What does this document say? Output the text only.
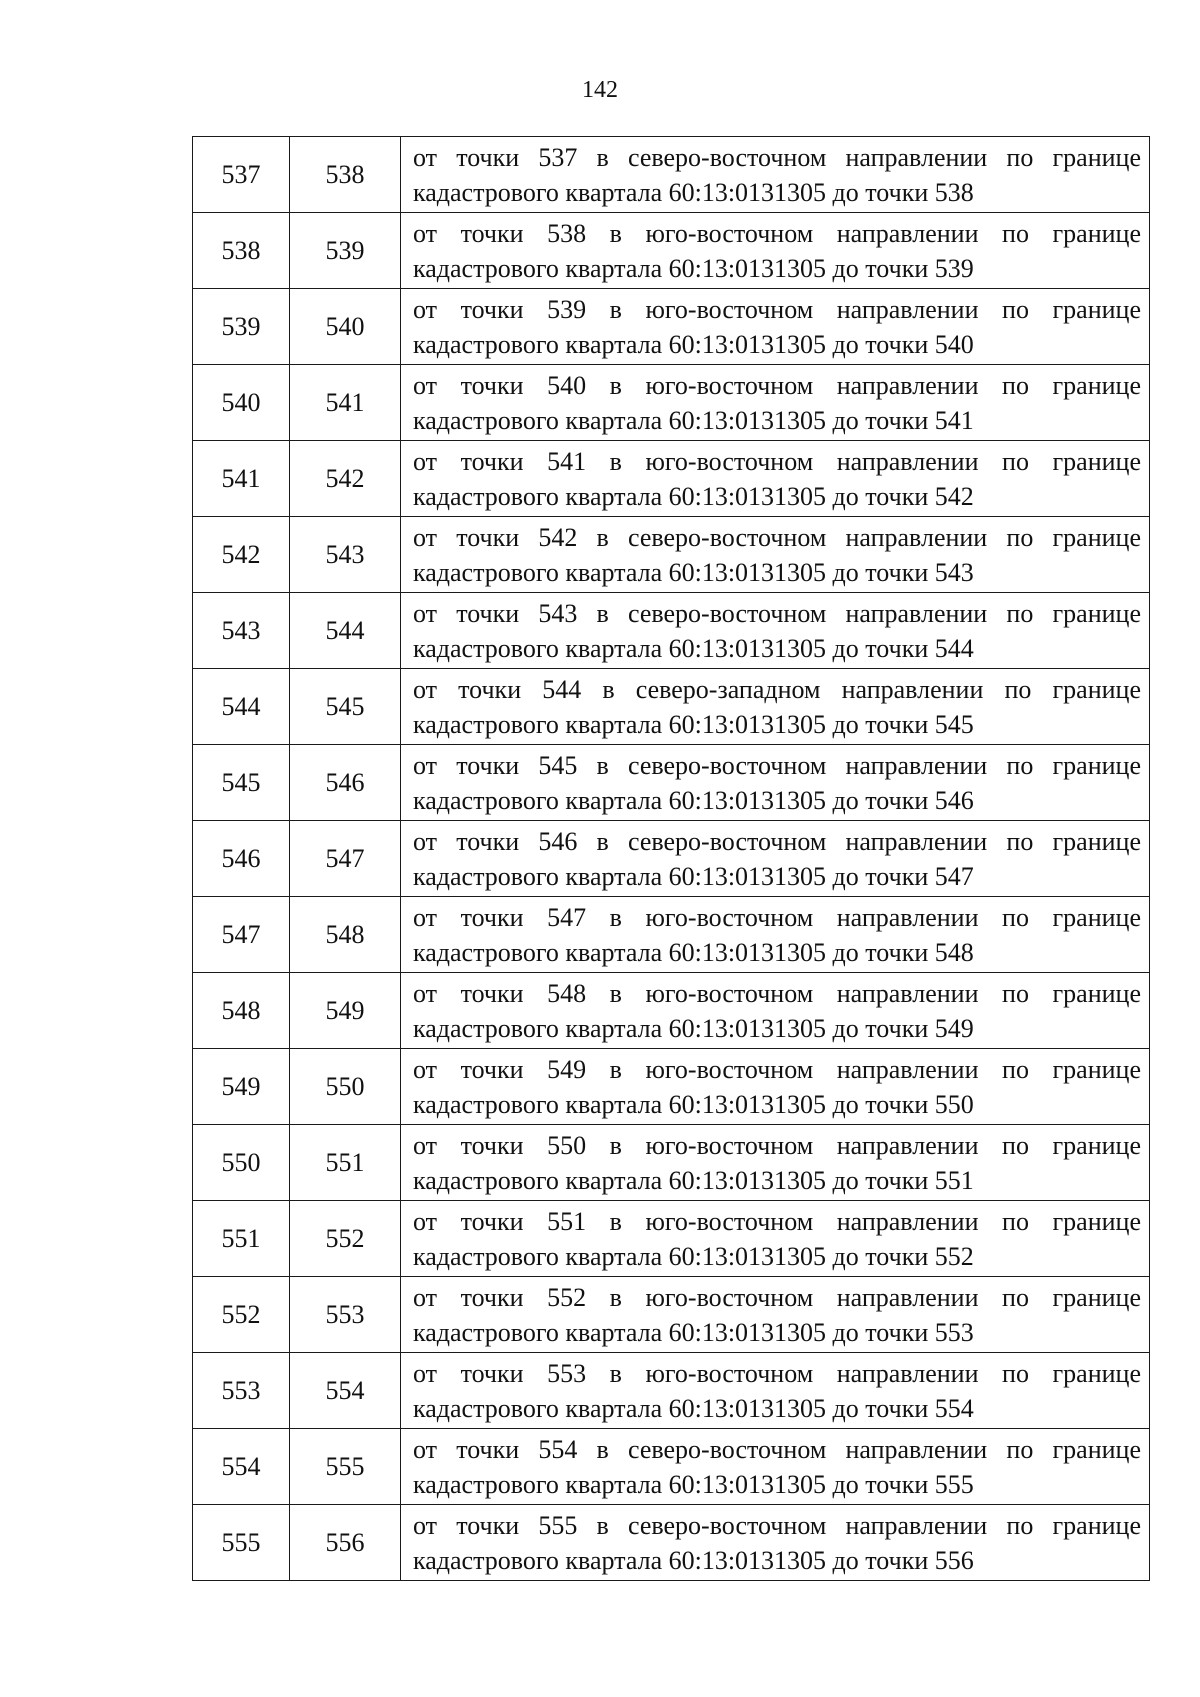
142
537	538	от точки 537 в северо-восточном направлении по границе кадастрового квартала 60:13:0131305 до точки 538
538	539	от точки 538 в юго-восточном направлении по границе кадастрового квартала 60:13:0131305 до точки 539
539	540	от точки 539 в юго-восточном направлении по границе кадастрового квартала 60:13:0131305 до точки 540
540	541	от точки 540 в юго-восточном направлении по границе кадастрового квартала 60:13:0131305 до точки 541
541	542	от точки 541 в юго-восточном направлении по границе кадастрового квартала 60:13:0131305 до точки 542
542	543	от точки 542 в северо-восточном направлении по границе кадастрового квартала 60:13:0131305 до точки 543
543	544	от точки 543 в северо-восточном направлении по границе кадастрового квартала 60:13:0131305 до точки 544
544	545	от точки 544 в северо-западном направлении по границе кадастрового квартала 60:13:0131305 до точки 545
545	546	от точки 545 в северо-восточном направлении по границе кадастрового квартала 60:13:0131305 до точки 546
546	547	от точки 546 в северо-восточном направлении по границе кадастрового квартала 60:13:0131305 до точки 547
547	548	от точки 547 в юго-восточном направлении по границе кадастрового квартала 60:13:0131305 до точки 548
548	549	от точки 548 в юго-восточном направлении по границе кадастрового квартала 60:13:0131305 до точки 549
549	550	от точки 549 в юго-восточном направлении по границе кадастрового квартала 60:13:0131305 до точки 550
550	551	от точки 550 в юго-восточном направлении по границе кадастрового квартала 60:13:0131305 до точки 551
551	552	от точки 551 в юго-восточном направлении по границе кадастрового квартала 60:13:0131305 до точки 552
552	553	от точки 552 в юго-восточном направлении по границе кадастрового квартала 60:13:0131305 до точки 553
553	554	от точки 553 в юго-восточном направлении по границе кадастрового квартала 60:13:0131305 до точки 554
554	555	от точки 554 в северо-восточном направлении по границе кадастрового квартала 60:13:0131305 до точки 555
555	556	от точки 555 в северо-восточном направлении по границе кадастрового квартала 60:13:0131305 до точки 556
